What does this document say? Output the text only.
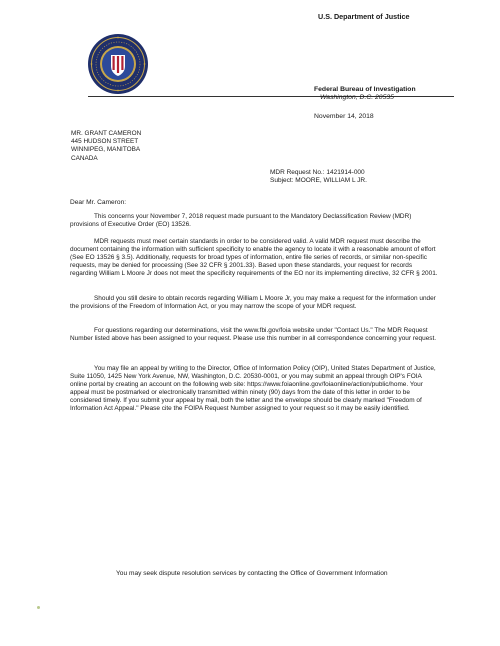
U.S. Department of Justice
Federal Bureau of Investigation
Washington, D.C. 20535
November 14, 2018
MR. GRANT CAMERON
445 HUDSON STREET
WINNIPEG, MANITOBA
CANADA
MDR Request No.: 1421914-000
Subject: MOORE, WILLIAM L JR.
Dear Mr. Cameron:
This concerns your November 7, 2018 request made pursuant to the Mandatory Declassification Review (MDR) provisions of Executive Order (EO) 13526.
MDR requests must meet certain standards in order to be considered valid. A valid MDR request must describe the document containing the information with sufficient specificity to enable the agency to locate it with a reasonable amount of effort (See EO 13526 § 3.5). Additionally, requests for broad types of information, entire file series of records, or similar non-specific requests, may be denied for processing (See 32 CFR § 2001.33). Based upon these standards, your request for records regarding William L Moore Jr does not meet the specificity requirements of the EO nor its implementing directive, 32 CFR § 2001.
Should you still desire to obtain records regarding William L Moore Jr, you may make a request for the information under the provisions of the Freedom of Information Act, or you may narrow the scope of your MDR request.
For questions regarding our determinations, visit the www.fbi.gov/foia website under "Contact Us." The MDR Request Number listed above has been assigned to your request. Please use this number in all correspondence concerning your request.
You may file an appeal by writing to the Director, Office of Information Policy (OIP), United States Department of Justice, Suite 11050, 1425 New York Avenue, NW, Washington, D.C. 20530-0001, or you may submit an appeal through OIP's FOIA online portal by creating an account on the following web site: https://www.foiaonline.gov/foiaonline/action/public/home. Your appeal must be postmarked or electronically transmitted within ninety (90) days from the date of this letter in order to be considered timely. If you submit your appeal by mail, both the letter and the envelope should be clearly marked "Freedom of Information Act Appeal." Please cite the FOIPA Request Number assigned to your request so it may be easily identified.
You may seek dispute resolution services by contacting the Office of Government Information
